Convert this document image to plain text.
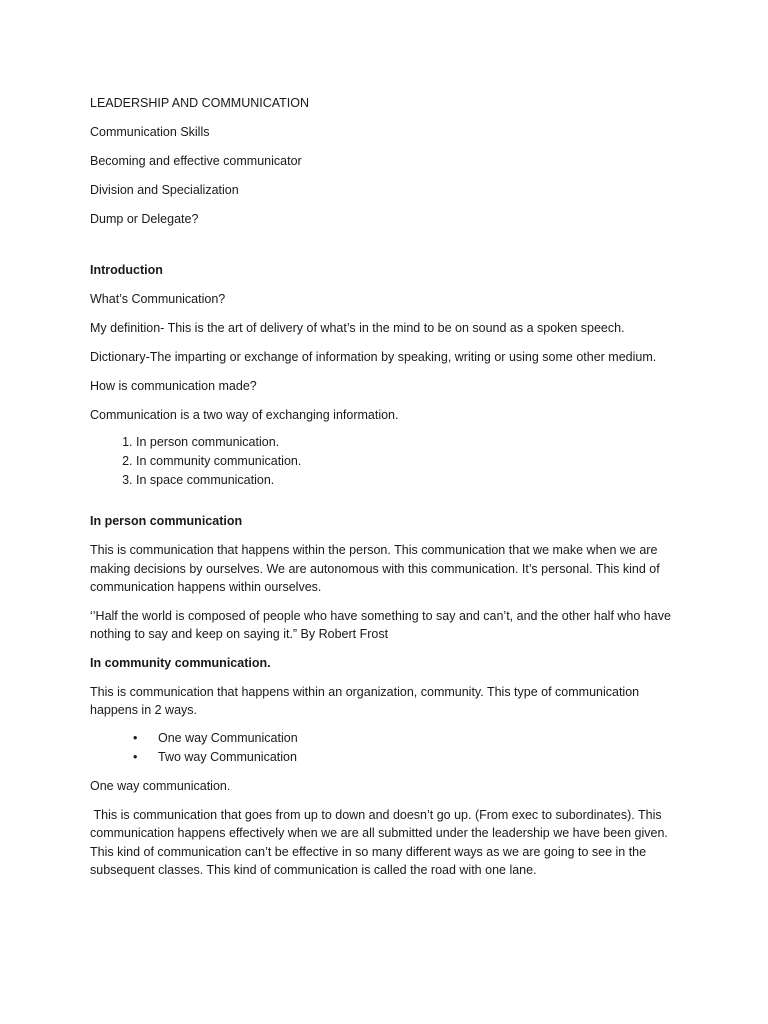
LEADERSHIP AND COMMUNICATION

Communication Skills

Becoming and effective communicator

Division and Specialization

Dump or Delegate?

Introduction

What’s Communication?

My definition- This is the art of delivery of what’s in the mind to be on sound as a spoken speech.

Dictionary-The imparting or exchange of information by speaking, writing or using some other medium.

How is communication made?

Communication is a two way of exchanging information.

1. In person communication.
2. In community communication.
3. In space communication.

In person communication

This is communication that happens within the person. This communication that we make when we are making decisions by ourselves. We are autonomous with this communication. It’s personal. This kind of communication happens within ourselves.

‘’Half the world is composed of people who have something to say and can’t, and the other half who have nothing to say and keep on saying it.” By Robert Frost

In community communication.

This is communication that happens within an organization, community. This type of communication happens in 2 ways.

• One way Communication
• Two way Communication

One way communication.

This is communication that goes from up to down and doesn’t go up. (From exec to subordinates). This communication happens effectively when we are all submitted under the leadership we have been given. This kind of communication can’t be effective in so many different ways as we are going to see in the subsequent classes. This kind of communication is called the road with one lane.
